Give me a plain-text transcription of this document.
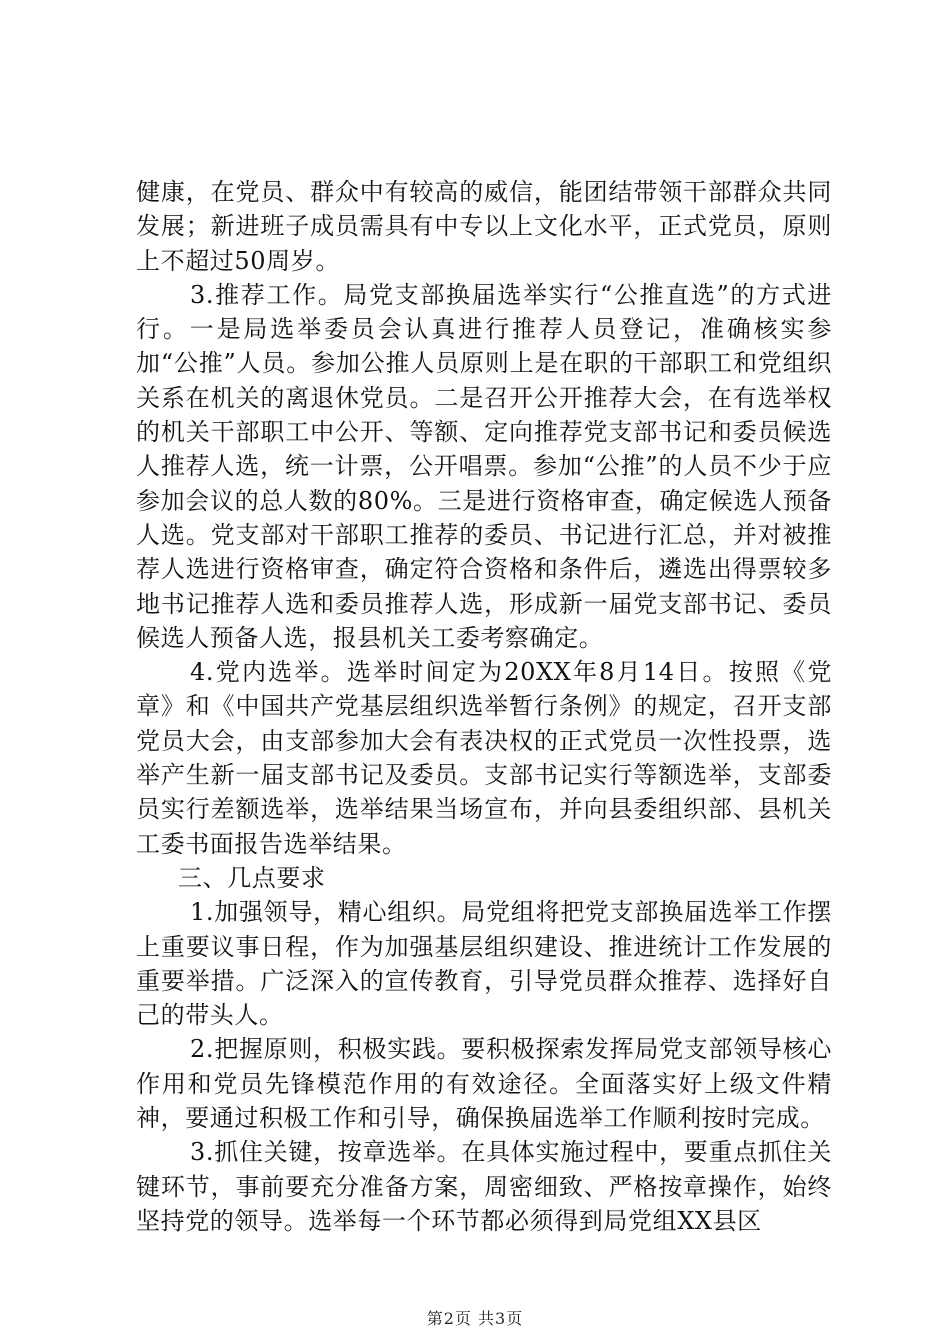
健康，在党员、群众中有较高的威信，能团结带领干部群众共同发展；新进班子成员需具有中专以上文化水平，正式党员，原则上不超过50周岁。

3.推荐工作。局党支部换届选举实行“公推直选”的方式进行。一是局选举委员会认真进行推荐人员登记，准确核实参加“公推”人员。参加公推人员原则上是在职的干部职工和党组织关系在机关的离退休党员。二是召开公开推荐大会，在有选举权的机关干部职工中公开、等额、定向推荐党支部书记和委员候选人推荐人选，统一计票，公开唱票。参加“公推”的人员不少于应参加会议的总人数的80%。三是进行资格审查，确定候选人预备人选。党支部对干部职工推荐的委员、书记进行汇总，并对被推荐人选进行资格审查，确定符合资格和条件后，遴选出得票较多地书记推荐人选和委员推荐人选，形成新一届党支部书记、委员候选人预备人选，报县机关工委考察确定。

4.党内选举。选举时间定为20XX年8月14日。按照《党章》和《中国共产党基层组织选举暂行条例》的规定，召开支部党员大会，由支部参加大会有表决权的正式党员一次性投票，选举产生新一届支部书记及委员。支部书记实行等额选举，支部委员实行差额选举，选举结果当场宣布，并向县委组织部、县机关工委书面报告选举结果。

三、几点要求

1.加强领导，精心组织。局党组将把党支部换届选举工作摆上重要议事日程，作为加强基层组织建设、推进统计工作发展的重要举措。广泛深入的宣传教育，引导党员群众推荐、选择好自己的带头人。

2.把握原则，积极实践。要积极探索发挥局党支部领导核心作用和党员先锋模范作用的有效途径。全面落实好上级文件精神，要通过积极工作和引导，确保换届选举工作顺利按时完成。

3.抓住关键，按章选举。在具体实施过程中，要重点抓住关键环节，事前要充分准备方案，周密细致、严格按章操作，始终坚持党的领导。选举每一个环节都必须得到局党组XX县区

第2页 共3页
